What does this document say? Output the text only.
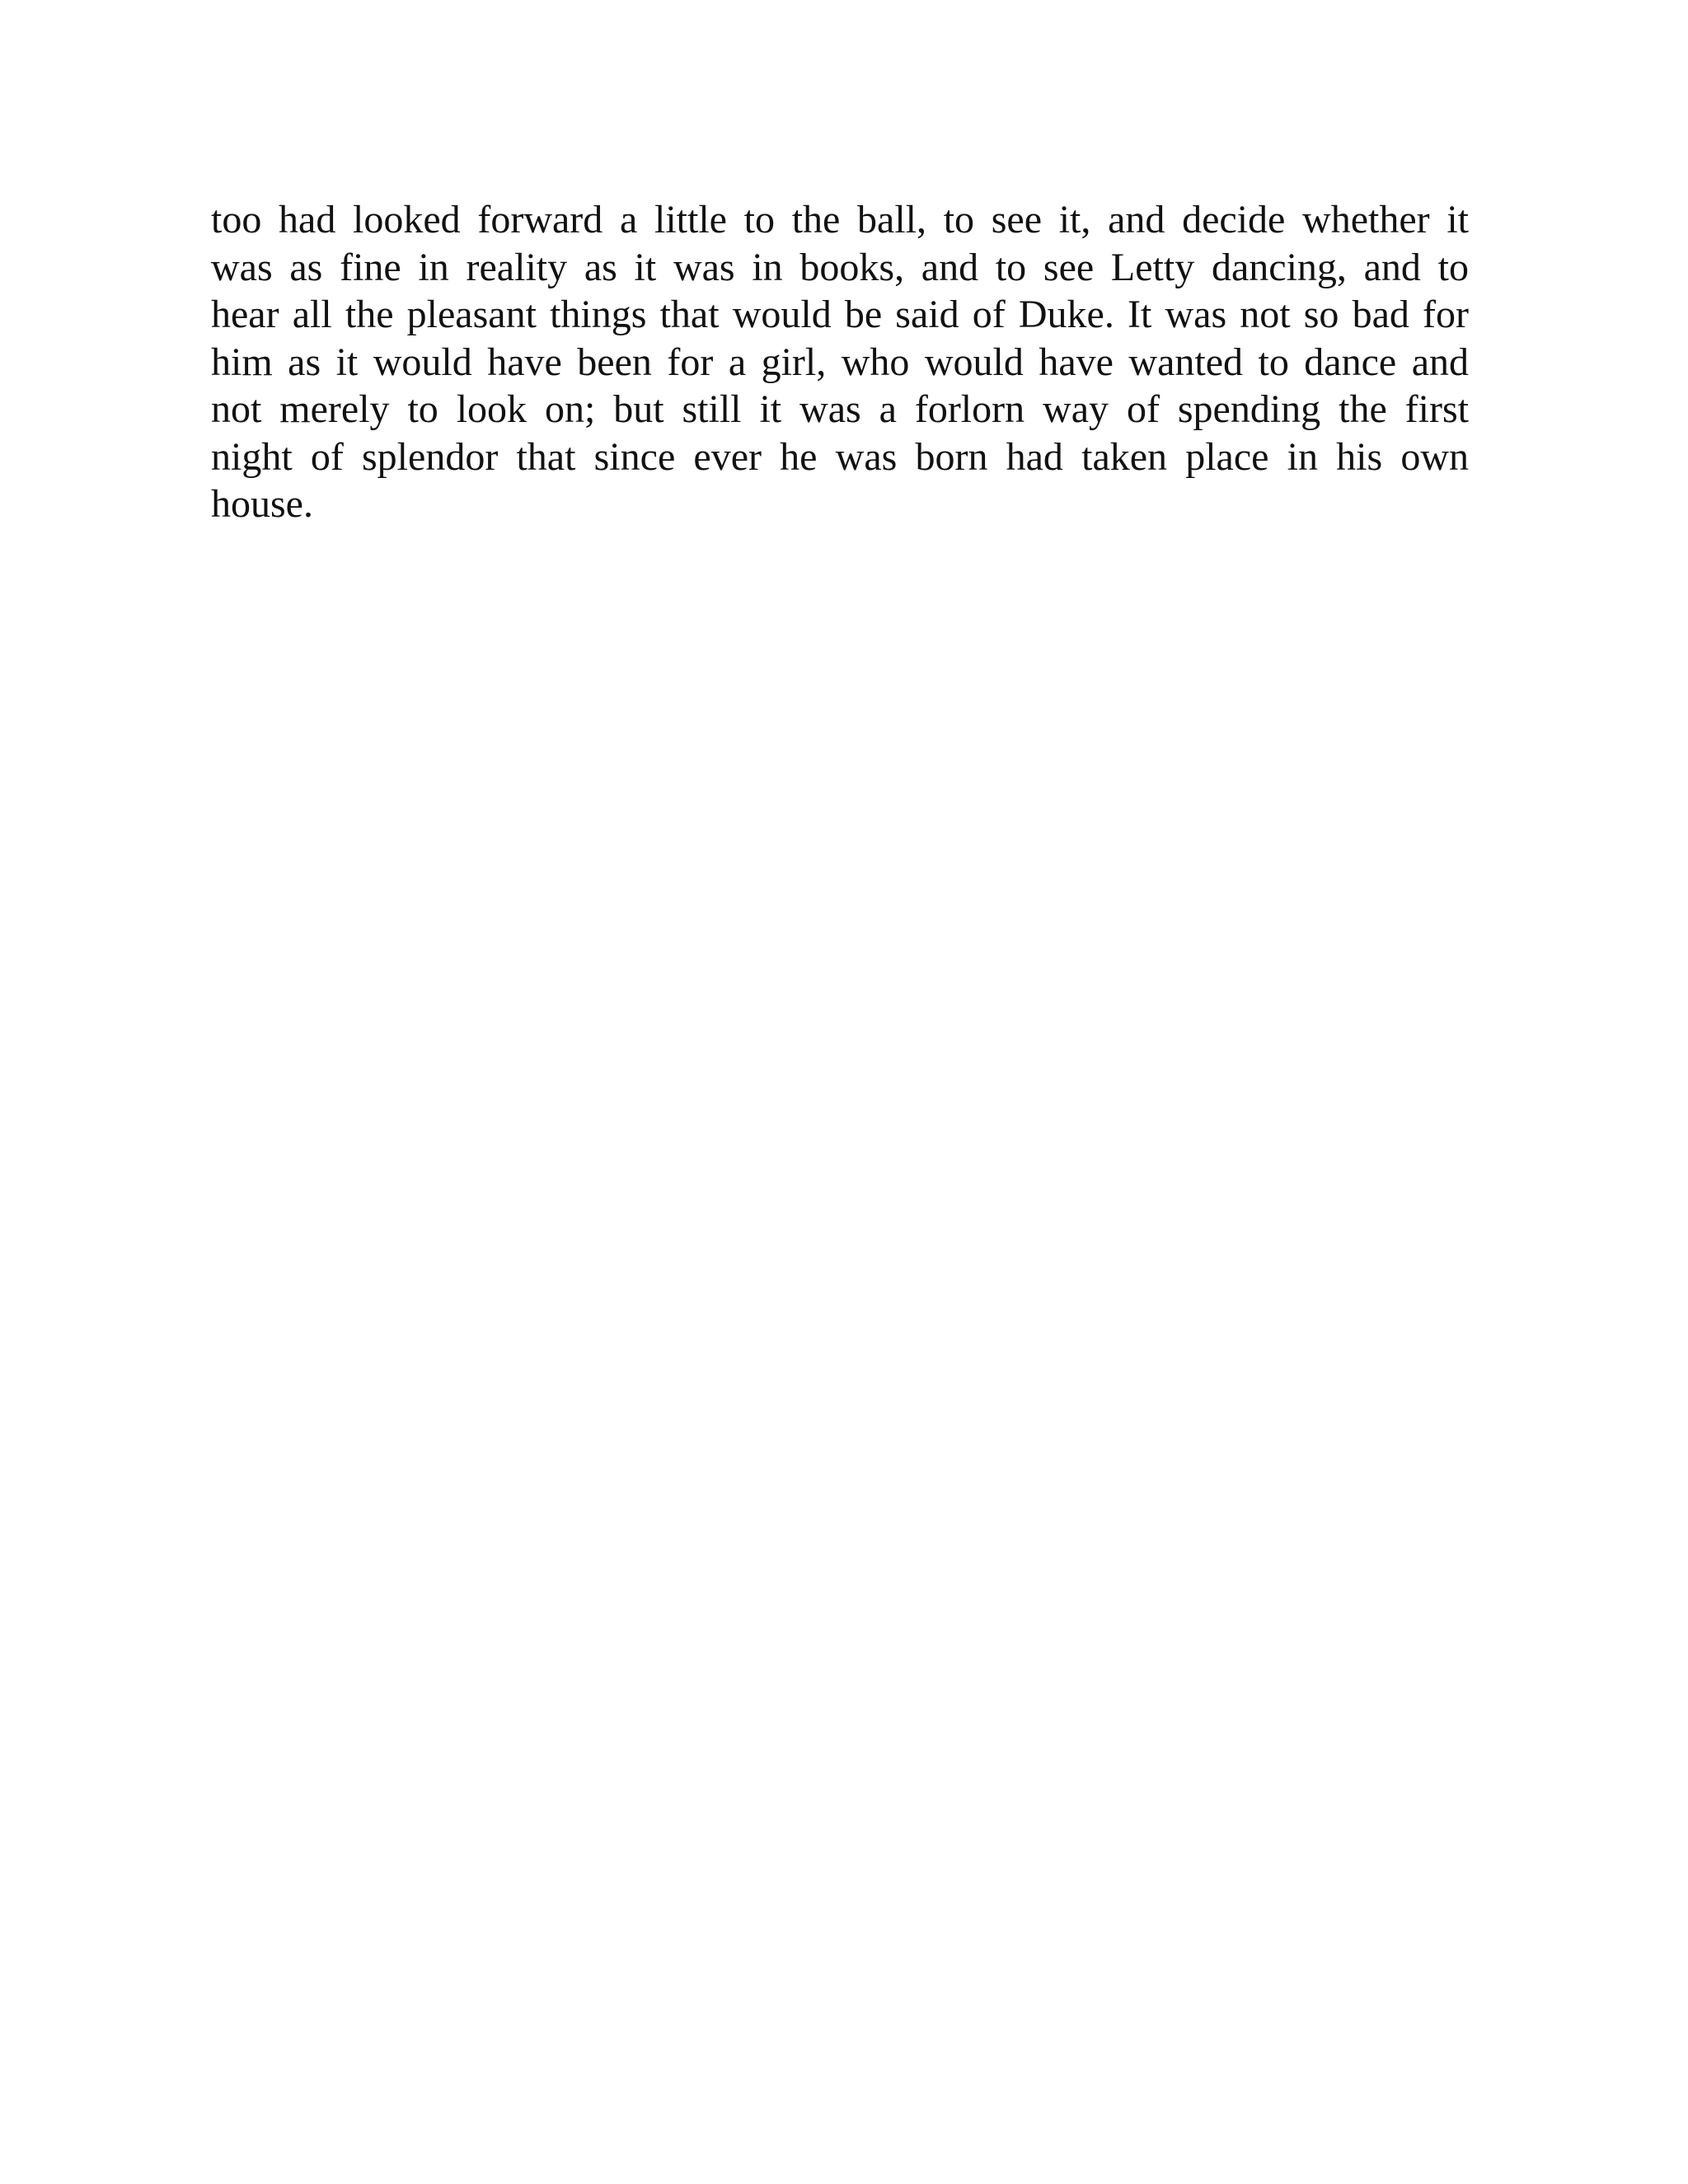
too had looked forward a little to the ball, to see it, and decide whether it
was as fine in reality as it was in books, and to see Letty dancing, and to
hear all the pleasant things that would be said of Duke. It was not so bad for
him as it would have been for a girl, who would have wanted to dance and
not merely to look on; but still it was a forlorn way of spending the first
night of splendor that since ever he was born had taken place in his own
house.
